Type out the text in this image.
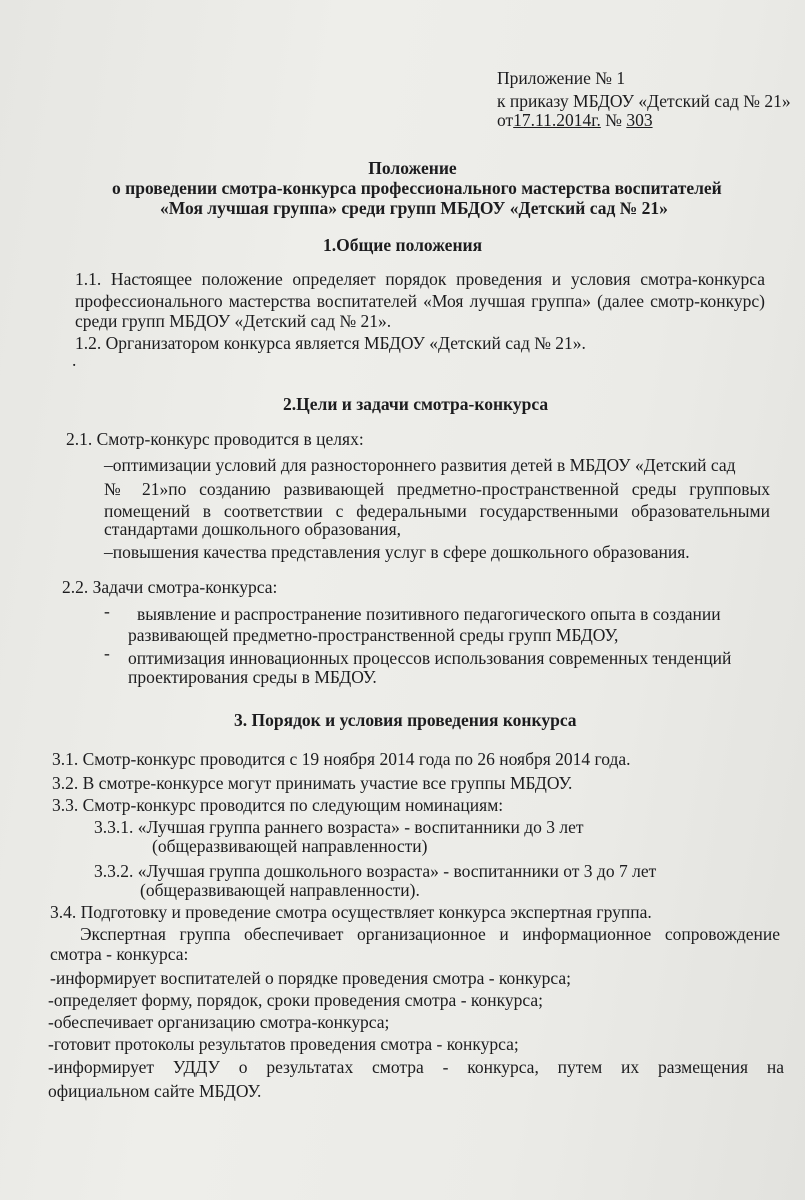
Приложение № 1
к приказу МБДОУ «Детский сад № 21»
от17.11.2014г. № 303
Положение
о проведении смотра-конкурса профессионального мастерства воспитателей
«Моя лучшая группа» среди групп МБДОУ «Детский сад № 21»
1.Общие положения
1.1. Настоящее положение определяет порядок проведения и условия смотра-конкурса
профессионального мастерства воспитателей «Моя лучшая группа» (далее смотр-конкурс)
среди групп МБДОУ «Детский сад № 21».
1.2. Организатором конкурса является МБДОУ «Детский сад № 21».
.
2.Цели и задачи смотра-конкурса
2.1. Смотр-конкурс проводится в целях:
–оптимизации условий для разностороннего развития детей в МБДОУ «Детский сад
№ 21»по созданию развивающей предметно-пространственной среды групповых
помещений в соответствии с федеральными государственными образовательными
стандартами дошкольного образования,
–повышения качества представления услуг в сфере дошкольного образования.
2.2. Задачи смотра-конкурса:
- выявление и распространение позитивного педагогического опыта в создании
развивающей предметно-пространственной среды групп МБДОУ,
- оптимизация инновационных процессов использования современных тенденций
проектирования среды в МБДОУ.
3. Порядок и условия проведения конкурса
3.1. Смотр-конкурс проводится с 19 ноября 2014 года по 26 ноября 2014 года.
3.2. В смотре-конкурсе могут принимать участие все группы МБДОУ.
3.3. Смотр-конкурс проводится по следующим номинациям:
3.3.1. «Лучшая группа раннего возраста» - воспитанники до 3 лет
(общеразвивающей направленности)
3.3.2. «Лучшая группа дошкольного возраста» - воспитанники от 3 до 7 лет
(общеразвивающей направленности).
3.4. Подготовку и проведение смотра осуществляет конкурса экспертная группа.
Экспертная группа обеспечивает организационное и информационное сопровождение
смотра - конкурса:
-информирует воспитателей о порядке проведения смотра - конкурса;
-определяет форму, порядок, сроки проведения смотра - конкурса;
-обеспечивает организацию смотра-конкурса;
-готовит протоколы результатов проведения смотра - конкурса;
-информирует УДДУ о результатах смотра - конкурса, путем их размещения на
официальном сайте МБДОУ.
